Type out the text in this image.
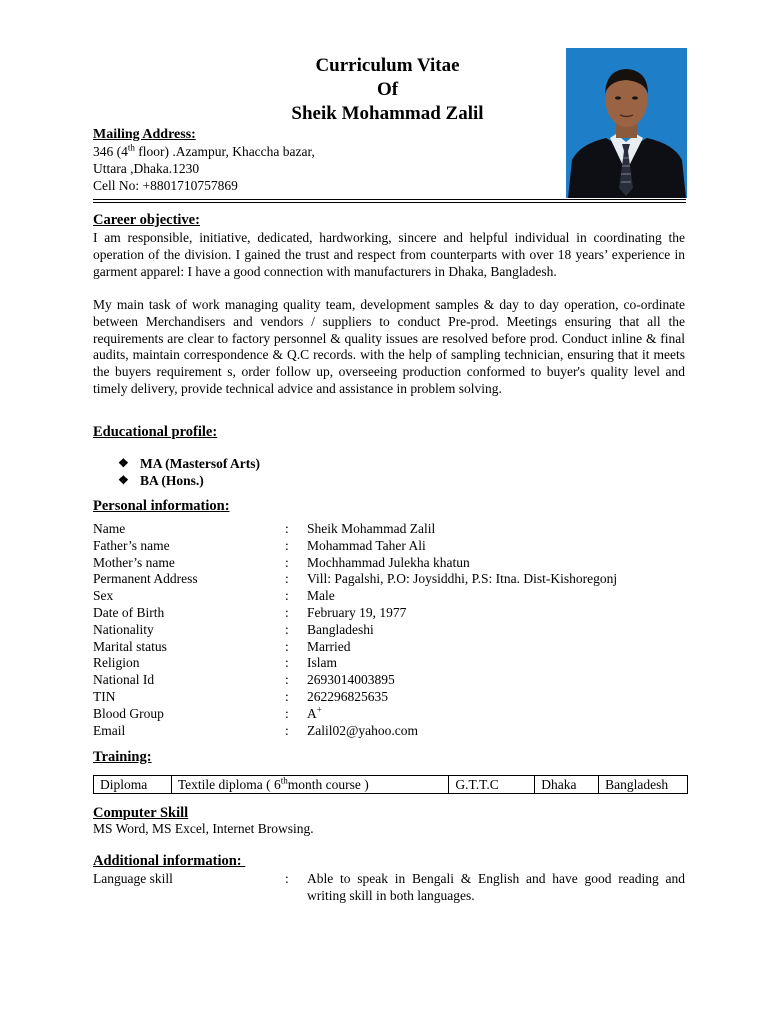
Curriculum Vitae
Of
Sheik Mohammad Zalil
Mailing Address:
346 (4th floor) .Azampur, Khaccha bazar,
Uttara ,Dhaka.1230
Cell No: +8801710757869
Career objective:

I am responsible, initiative, dedicated, hardworking, sincere and helpful individual in coordinating the operation of the division. I gained the trust and respect from counterparts with over 18 years’ experience in garment apparel: I have a good connection with manufacturers in Dhaka, Bangladesh.

My main task of work managing quality team, development samples & day to day operation, co-ordinate between Merchandisers and vendors / suppliers to conduct Pre-prod. Meetings ensuring that all the requirements are clear to factory personnel & quality issues are resolved before prod. Conduct inline & final audits, maintain correspondence & Q.C records. with the help of sampling technician, ensuring that it meets the buyers requirement s, order follow up, overseeing production conformed to buyer's quality level and timely delivery, provide technical advice and assistance in problem solving.

Educational profile:
❖ MA (Mastersof Arts)
❖ BA (Hons.)
Personal information:
Name	:	Sheik Mohammad Zalil
Father’s name	:	Mohammad Taher Ali
Mother’s name	:	Mochhammad Julekha khatun
Permanent Address	:	Vill: Pagalshi, P.O: Joysiddhi, P.S: Itna. Dist-Kishoregonj
Sex	:	Male
Date of Birth	:	February 19, 1977
Nationality	:	Bangladeshi
Marital status	:	Married
Religion	:	Islam
National Id	:	2693014003895
TIN	:	262296825635
Blood Group	:	A+
Email	:	Zalil02@yahoo.com
Training:
Diploma	Textile diploma ( 6thmonth course )	G.T.T.C	Dhaka	Bangladesh
Computer Skill
MS Word, MS Excel, Internet Browsing.
Additional information:
Language skill	:	Able to speak in Bengali & English and have good reading and writing skill in both languages.
